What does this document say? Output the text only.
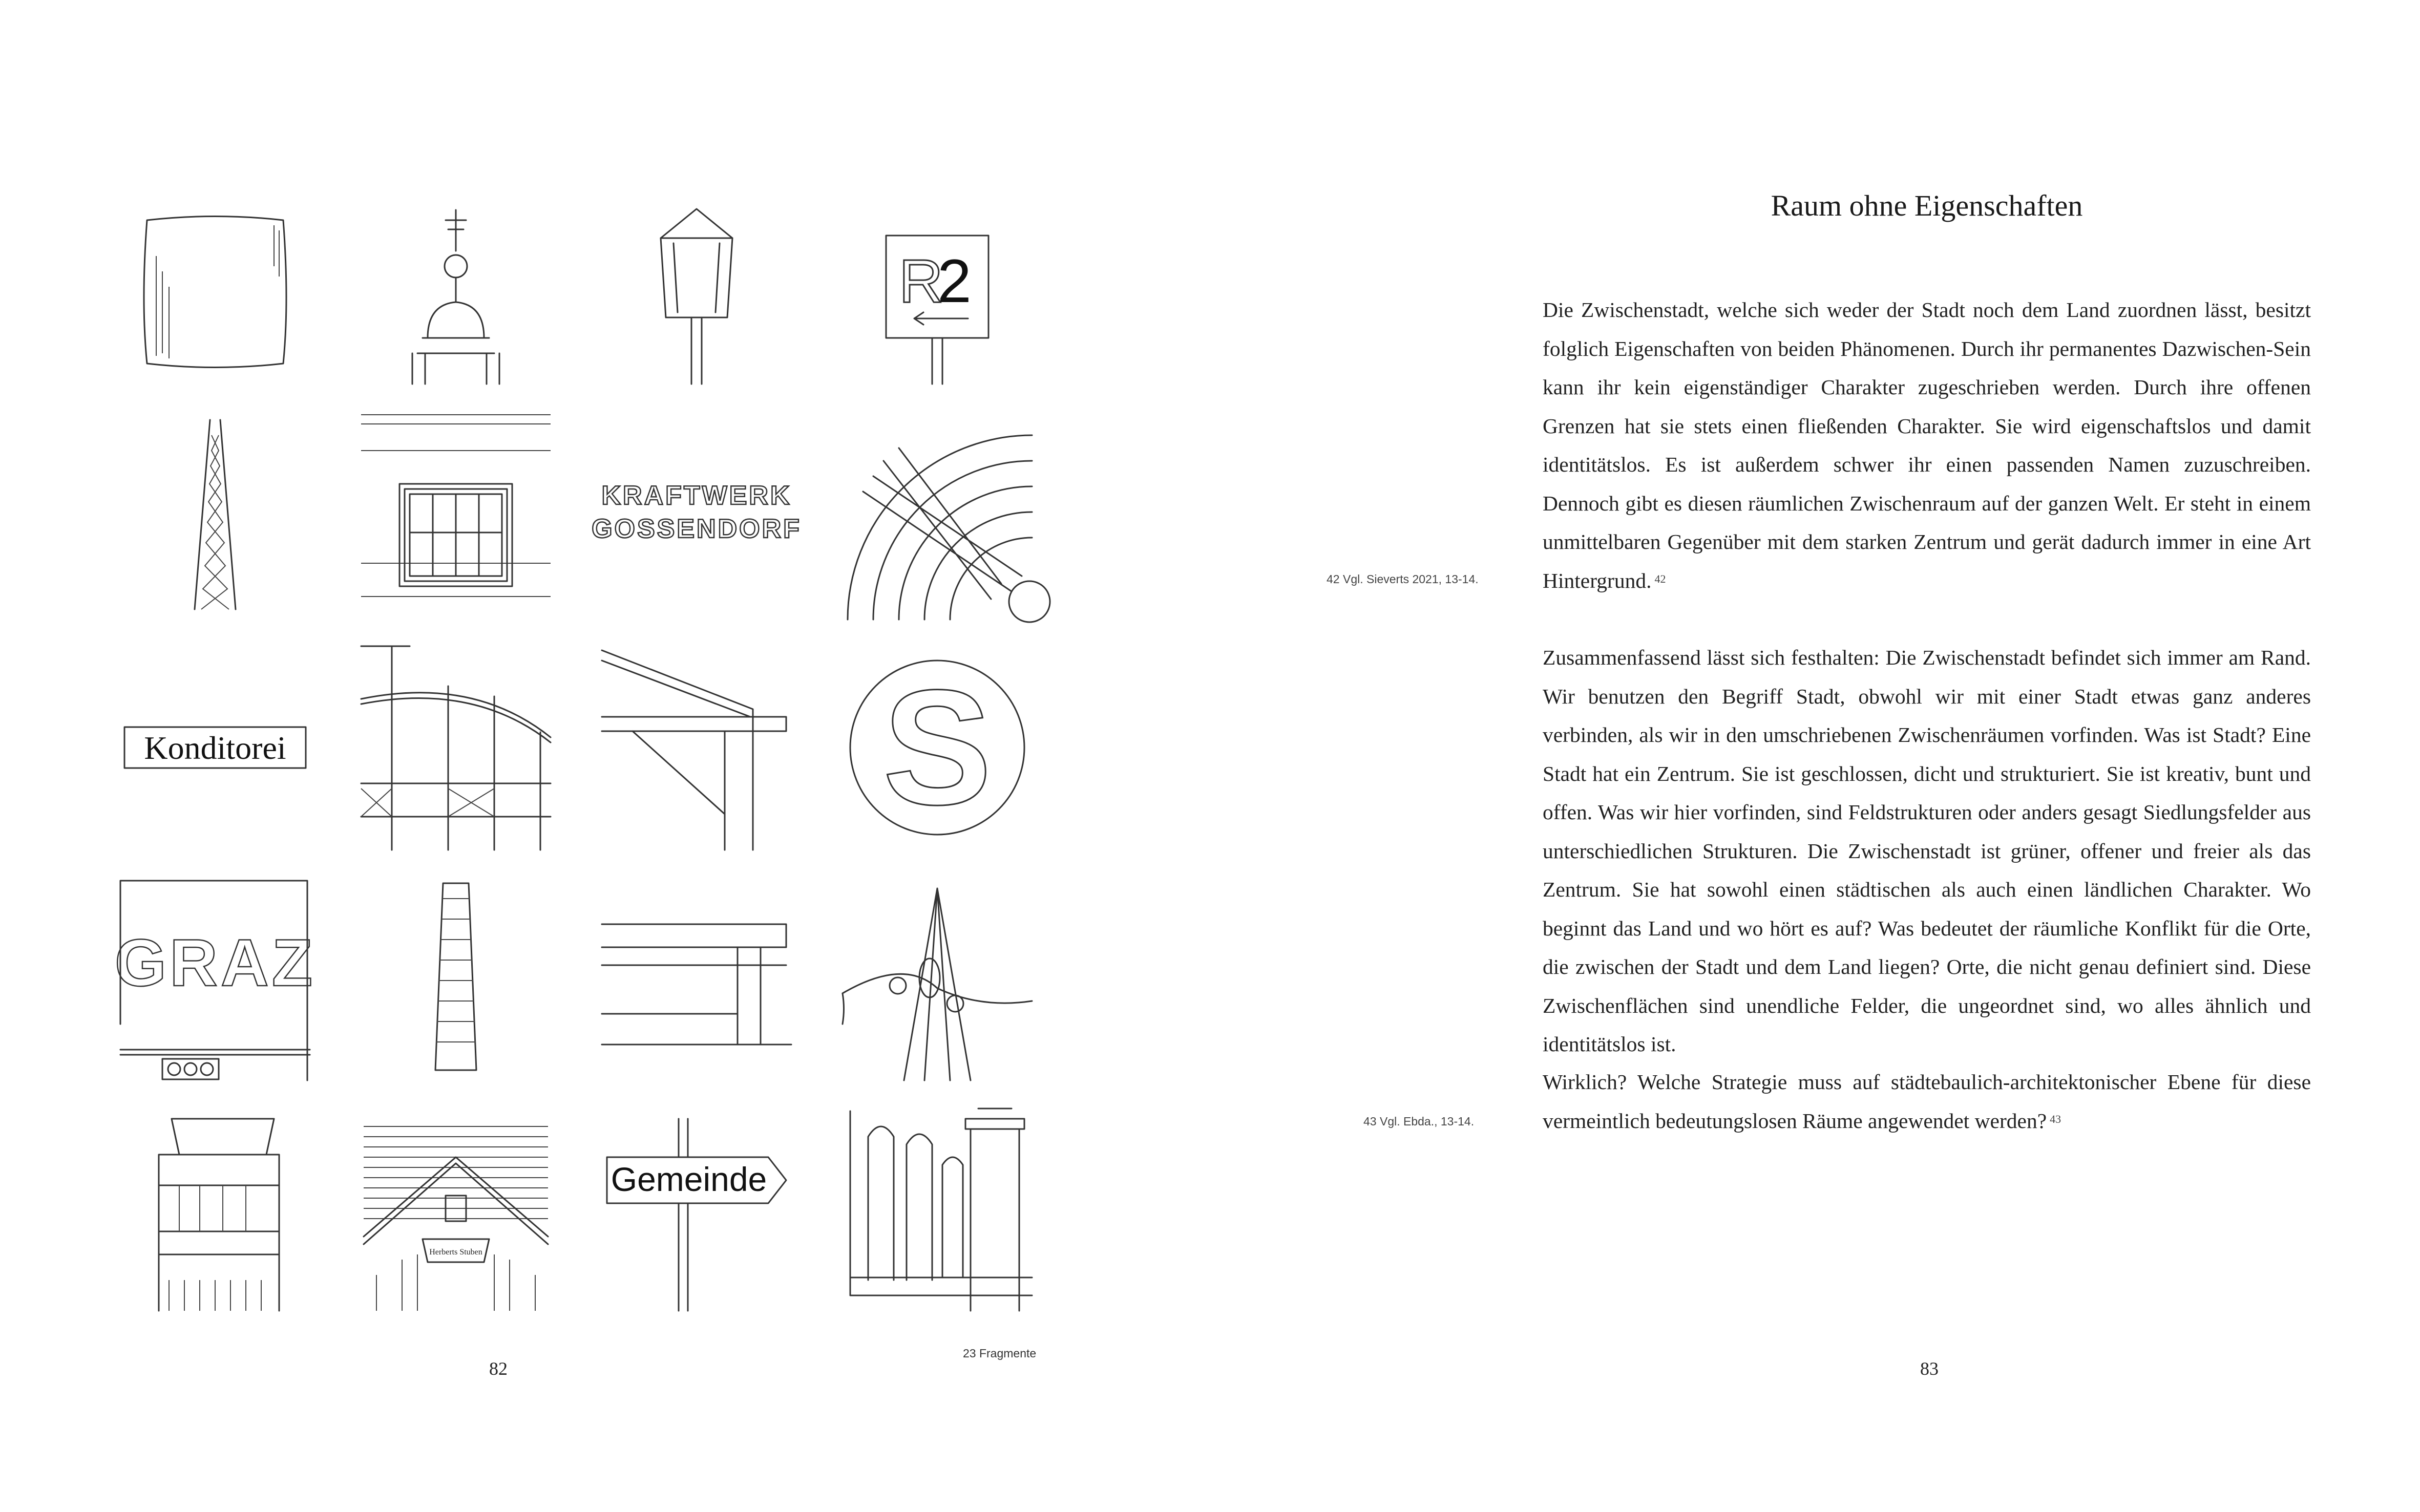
R
2
KRAFTWERK
GOSSENDORF
Konditorei	S
GRAZ
Herberts Stuben
Gemeinde
82
23 Fragmente
Raum ohne Eigenschaften

Die Zwischenstadt, welche sich weder der Stadt noch dem Land zuordnen lässt, besitzt folglich Eigenschaften von beiden Phänomenen. Durch ihr permanentes Dazwischen-Sein kann ihr kein eigenständiger Charakter zugeschrieben werden. Durch ihre offenen Grenzen hat sie stets einen fließenden Charakter. Sie wird eigenschaftslos und damit identitätslos. Es ist außerdem schwer ihr einen passenden Namen zuzuschreiben. Dennoch gibt es diesen räumlichen Zwischenraum auf der ganzen Welt. Er steht in einem unmittelbaren Gegenüber mit dem starken Zentrum und gerät dadurch immer in eine Art Hintergrund. $^{42}$

Zusammenfassend lässt sich festhalten: Die Zwischenstadt befindet sich immer am Rand. Wir benutzen den Begriff Stadt, obwohl wir mit einer Stadt etwas ganz anderes verbinden, als wir in den umschriebenen Zwischenräumen vorfinden. Was ist Stadt? Eine Stadt hat ein Zentrum. Sie ist geschlossen, dicht und strukturiert. Sie ist kreativ, bunt und offen. Was wir hier vorfinden, sind Feldstrukturen oder anders gesagt Siedlungsfelder aus unterschiedlichen Strukturen. Die Zwischenstadt ist grüner, offener und freier als das Zentrum. Sie hat sowohl einen städtischen als auch einen ländlichen Charakter. Wo beginnt das Land und wo hört es auf? Was bedeutet der räumliche Konflikt für die Orte, die zwischen der Stadt und dem Land liegen? Orte, die nicht genau definiert sind. Diese Zwischenflächen sind unendliche Felder, die ungeordnet sind, wo alles ähnlich und identitätslos ist.

Wirklich? Welche Strategie muss auf städtebaulich-architektonischer Ebene für diese vermeintlich bedeutungslosen Räume angewendet werden? $^{43}$

42 Vgl. Sieverts 2021, 13-14.
43 Vgl. Ebda., 13-14.
83
